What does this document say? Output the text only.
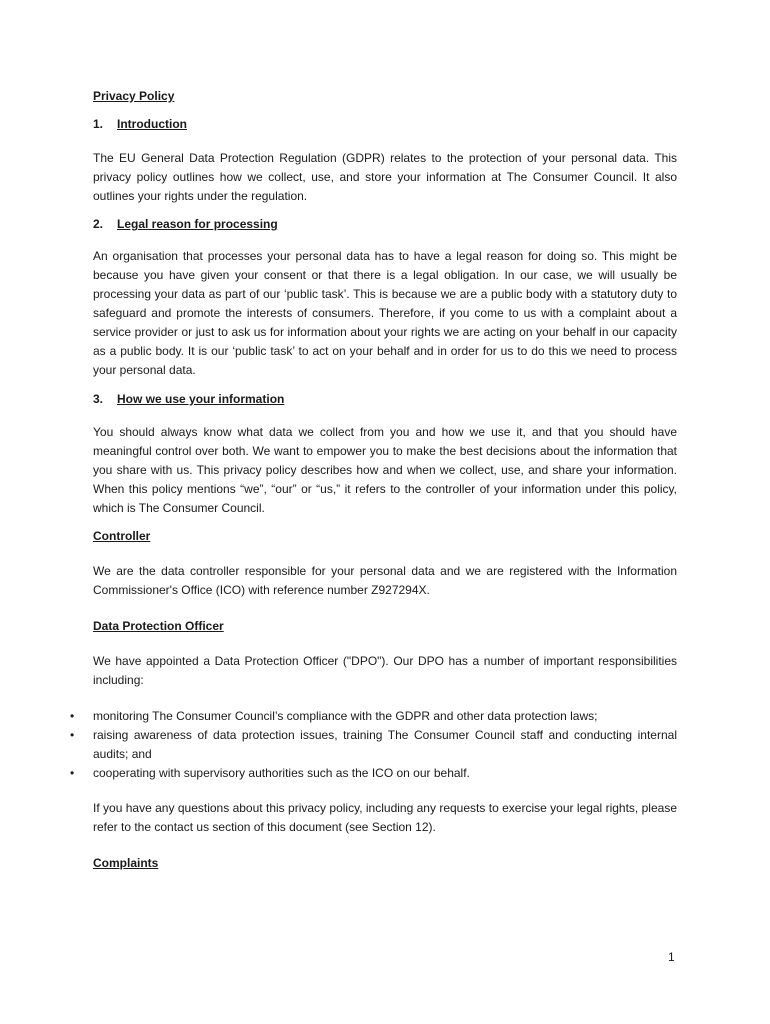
Privacy Policy
1. Introduction

The EU General Data Protection Regulation (GDPR) relates to the protection of your personal data. This privacy policy outlines how we collect, use, and store your information at The Consumer Council. It also outlines your rights under the regulation.

2. Legal reason for processing

An organisation that processes your personal data has to have a legal reason for doing so. This might be because you have given your consent or that there is a legal obligation. In our case, we will usually be processing your data as part of our ‘public task’. This is because we are a public body with a statutory duty to safeguard and promote the interests of consumers. Therefore, if you come to us with a complaint about a service provider or just to ask us for information about your rights we are acting on your behalf in our capacity as a public body. It is our ‘public task’ to act on your behalf and in order for us to do this we need to process your personal data.

3. How we use your information

You should always know what data we collect from you and how we use it, and that you should have meaningful control over both. We want to empower you to make the best decisions about the information that you share with us. This privacy policy describes how and when we collect, use, and share your information. When this policy mentions “we”, “our” or “us,” it refers to the controller of your information under this policy, which is The Consumer Council.

Controller

We are the data controller responsible for your personal data and we are registered with the Information Commissioner's Office (ICO) with reference number Z927294X.

Data Protection Officer

We have appointed a Data Protection Officer ("DPO"). Our DPO has a number of important responsibilities including:

• monitoring The Consumer Council’s compliance with the GDPR and other data protection laws;
• raising awareness of data protection issues, training The Consumer Council staff and conducting internal audits; and
• cooperating with supervisory authorities such as the ICO on our behalf.

If you have any questions about this privacy policy, including any requests to exercise your legal rights, please refer to the contact us section of this document (see Section 12).

Complaints
1
